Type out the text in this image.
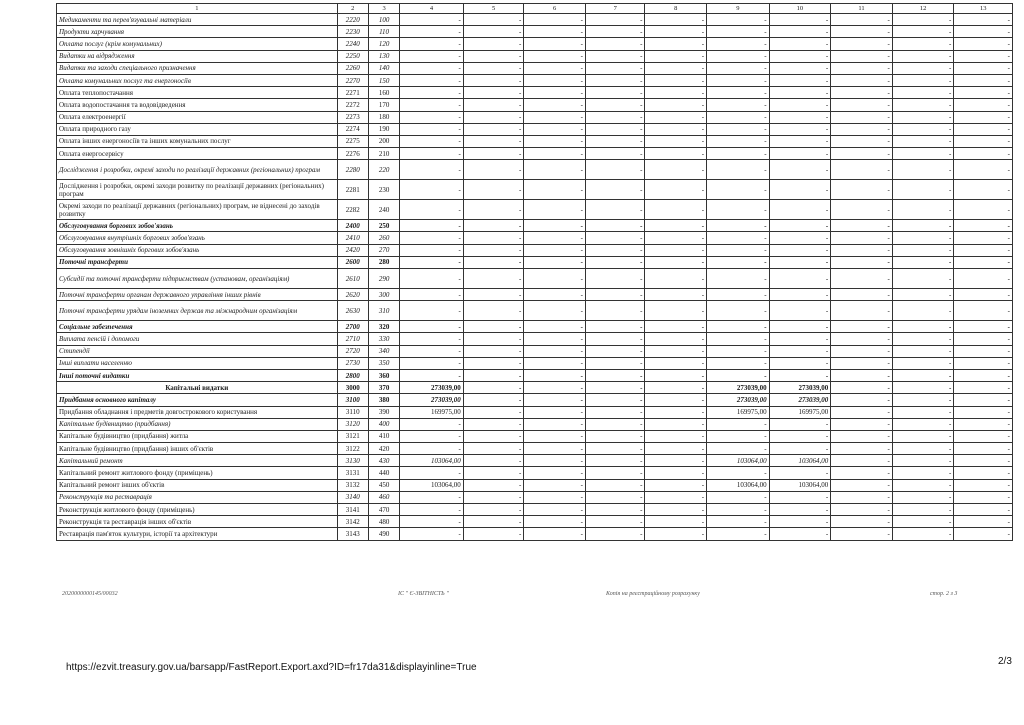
1	2	3	4	5	6	7	8	9	10	11	12	13
Медикаменти та перев'язувальні матеріали	2220	100	-	-	-	-	-	-	-	-	-	-
Продукти харчування	2230	110	-	-	-	-	-	-	-	-	-	-
Оплата послуг (крім комунальних)	2240	120	-	-	-	-	-	-	-	-	-	-
Видатки на відрядження	2250	130	-	-	-	-	-	-	-	-	-	-
Видатки та заходи спеціального призначення	2260	140	-	-	-	-	-	-	-	-	-	-
Оплата комунальних послуг та енергоносіїв	2270	150	-	-	-	-	-	-	-	-	-	-
Оплата теплопостачання	2271	160	-	-	-	-	-	-	-	-	-	-
Оплата водопостачання та водовідведення	2272	170	-	-	-	-	-	-	-	-	-	-
Оплата електроенергії	2273	180	-	-	-	-	-	-	-	-	-	-
Оплата природного газу	2274	190	-	-	-	-	-	-	-	-	-	-
Оплата інших енергоносіїв та інших комунальних послуг	2275	200	-	-	-	-	-	-	-	-	-	-
Оплата енергосервісу	2276	210	-	-	-	-	-	-	-	-	-	-
Дослідження і розробки, окремі заходи по реалізації державних (регіональних) програм	2280	220	-	-	-	-	-	-	-	-	-	-
Дослідження і розробки, окремі заходи розвитку по реалізації державних (регіональних) програм	2281	230	-	-	-	-	-	-	-	-	-	-
Окремі заходи по реалізації державних (регіональних) програм, не віднесені до заходів розвитку	2282	240	-	-	-	-	-	-	-	-	-	-
Обслуговування боргових зобов'язань	2400	250	-	-	-	-	-	-	-	-	-	-
Обслуговування внутрішніх боргових зобов'язань	2410	260	-	-	-	-	-	-	-	-	-	-
Обслуговування зовнішніх боргових зобов'язань	2420	270	-	-	-	-	-	-	-	-	-	-
Поточні трансферти	2600	280	-	-	-	-	-	-	-	-	-	-
Субсидії та поточні трансферти підприємствам (установам, організаціям)	2610	290	-	-	-	-	-	-	-	-	-	-
Поточні трансферти органам державного управління інших рівнів	2620	300	-	-	-	-	-	-	-	-	-	-
Поточні трансферти урядам іноземних держав та міжнародним організаціям	2630	310	-	-	-	-	-	-	-	-	-	-
Соціальне забезпечення	2700	320	-	-	-	-	-	-	-	-	-	-
Виплата пенсій і допомоги	2710	330	-	-	-	-	-	-	-	-	-	-
Стипендії	2720	340	-	-	-	-	-	-	-	-	-	-
Інші виплати населенню	2730	350	-	-	-	-	-	-	-	-	-	-
Інші поточні видатки	2800	360	-	-	-	-	-	-	-	-	-	-
Капітальні видатки	3000	370	273039,00	-	-	-	-	273039,00	273039,00	-	-	-
Придбання основного капіталу	3100	380	273039,00	-	-	-	-	273039,00	273039,00	-	-	-
Придбання обладнання і предметів довгострокового користування	3110	390	169975,00	-	-	-	-	169975,00	169975,00	-	-	-
Капітальне будівництво (придбання)	3120	400	-	-	-	-	-	-	-	-	-	-
Капітальне будівництво (придбання) житла	3121	410	-	-	-	-	-	-	-	-	-	-
Капітальне будівництво (придбання) інших об'єктів	3122	420	-	-	-	-	-	-	-	-	-	-
Капітальний ремонт	3130	430	103064,00	-	-	-	-	103064,00	103064,00	-	-	-
Капітальний ремонт житлового фонду (приміщень)	3131	440	-	-	-	-	-	-	-	-	-	-
Капітальний ремонт інших об'єктів	3132	450	103064,00	-	-	-	-	103064,00	103064,00	-	-	-
Реконструкція та реставрація	3140	460	-	-	-	-	-	-	-	-	-	-
Реконструкція житлового фонду (приміщень)	3141	470	-	-	-	-	-	-	-	-	-	-
Реконструкція та реставрація інших об'єктів	3142	480	-	-	-	-	-	-	-	-	-	-
Реставрація пам'яток культури, історії та архітектури	3143	490	-	-	-	-	-	-	-	-	-	-
2020000000145/00032	ІС " Є-ЗВІТНІСТЬ "	Копія на реєстраційному розрахунку	стор. 2 з 3
https://ezvit.treasury.gov.ua/barsapp/FastReport.Export.axd?ID=fr17da31&displayinline=True
2/3
